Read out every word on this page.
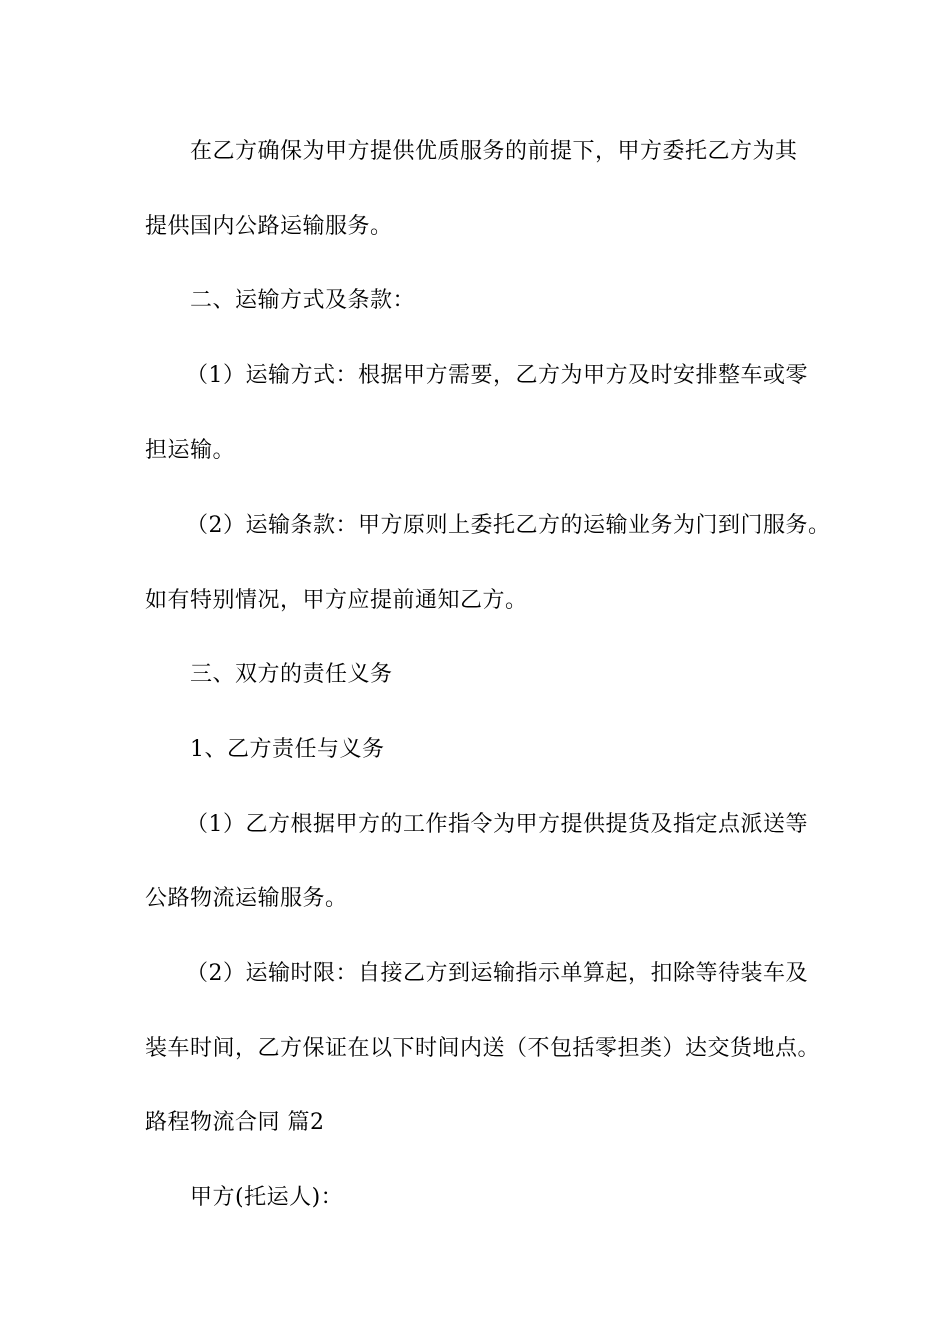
在乙方确保为甲方提供优质服务的前提下，甲方委托乙方为其
提供国内公路运输服务。
二、运输方式及条款：
（1）运输方式：根据甲方需要，乙方为甲方及时安排整车或零
担运输。
（2）运输条款：甲方原则上委托乙方的运输业务为门到门服务。
如有特别情况，甲方应提前通知乙方。
三、双方的责任义务
1、乙方责任与义务
（1）乙方根据甲方的工作指令为甲方提供提货及指定点派送等
公路物流运输服务。
（2）运输时限：自接乙方到运输指示单算起，扣除等待装车及
装车时间，乙方保证在以下时间内送（不包括零担类）达交货地点。
路程物流合同 篇2
甲方(托运人)：
